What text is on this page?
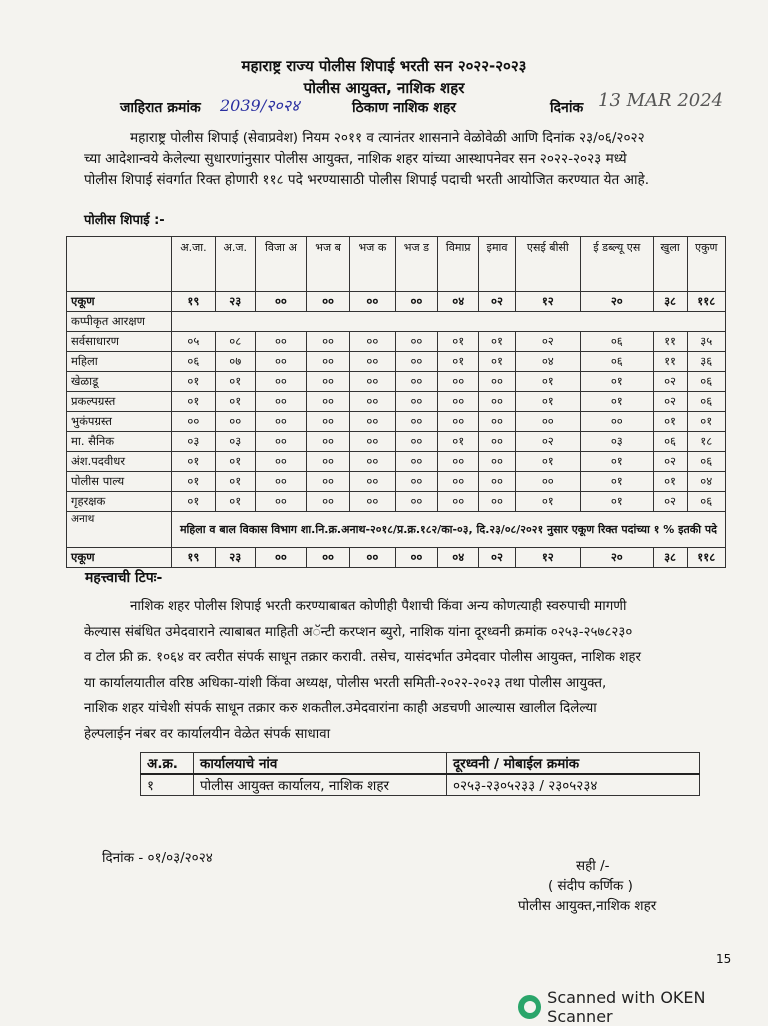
महाराष्ट्र राज्य पोलीस शिपाई भरती सन २०२२-२०२३
पोलीस आयुक्त, नाशिक शहर
जाहिरात क्रमांक 2039/२०२४	ठिकाण नाशिक शहर	दिनांक 13 MAR 2024
महाराष्ट्र पोलीस शिपाई (सेवाप्रवेश) नियम २०११ व त्यानंतर शासनाने वेळोवेळी आणि दिनांक २३/०६/२०२२
च्या आदेशान्वये केलेल्या सुधारणांनुसार पोलीस आयुक्त, नाशिक शहर यांच्या आस्थापनेवर सन २०२२-२०२३ मध्ये
पोलीस शिपाई संवर्गात रिक्त होणारी ११८ पदे भरण्यासाठी पोलीस शिपाई पदाची भरती आयोजित करण्यात येत आहे.
पोलीस शिपाई :-
	अ.जा.	अ.ज.	विजा अ	भज ब	भज क	भज ड	विमाप्र	इमाव	एसई बीसी	ई डब्ल्यू एस	खुला	एकुण
एकूण	१९	२३	००	००	००	००	०४	०२	१२	२०	३८	११८
कप्पीकृत आरक्षण												
सर्वसाधारण	०५	०८	००	००	००	००	०१	०१	०२	०६	११	३५
महिला	०६	०७	००	००	००	००	०१	०१	०४	०६	११	३६
खेळाडू	०१	०१	००	००	००	००	००	००	०१	०१	०२	०६
प्रकल्पग्रस्त	०१	०१	००	००	००	००	००	००	०१	०१	०२	०६
भुकंपग्रस्त	००	००	००	००	००	००	००	००	००	००	०१	०१
मा. सैनिक	०३	०३	००	००	००	००	०१	००	०२	०३	०६	१८
अंश.पदवीधर	०१	०१	००	००	००	००	००	००	०१	०१	०२	०६
पोलीस पाल्य	०१	०१	००	००	००	००	००	००	००	०१	०१	०४
गृहरक्षक	०१	०१	००	००	००	००	००	००	०१	०१	०२	०६
अनाथ	महिला व बाल विकास विभाग शा.नि.क्र.अनाथ-२०१८/प्र.क्र.१८२/का-०३, दि.२३/०८/२०२१ नुसार एकूण रिक्त पदांच्या १ % इतकी पदे											
एकूण	१९	२३	००	००	००	००	०४	०२	१२	२०	३८	११८
महत्त्वाची टिपः-
नाशिक शहर पोलीस शिपाई भरती करण्याबाबत कोणीही पैशाची किंवा अन्य कोणत्याही स्वरुपाची मागणी
केल्यास संबंधित उमेदवाराने त्याबाबत माहिती अॅन्टी करप्शन ब्युरो, नाशिक यांना दूरध्वनी क्रमांक ०२५३-२५७८२३०
व टोल फ्री क्र. १०६४ वर त्वरीत संपर्क साधून तक्रार करावी. तसेच, यासंदर्भात उमेदवार पोलीस आयुक्त, नाशिक शहर
या कार्यालयातील वरिष्ठ अधिका-यांशी किंवा अध्यक्ष, पोलीस भरती समिती-२०२२-२०२३ तथा पोलीस आयुक्त,
नाशिक शहर यांचेशी संपर्क साधून तक्रार करु शकतील.उमेदवारांना काही अडचणी आल्यास खालील दिलेल्या
हेल्पलाईन नंबर वर कार्यालयीन वेळेत संपर्क साधावा
अ.क्र.	कार्यालयाचे नांव	दूरध्वनी / मोबाईल क्रमांक
१	पोलीस आयुक्त कार्यालय, नाशिक शहर	०२५३-२३०५२३३ / २३०५२३४
दिनांक - ०१/०३/२०२४	सही /-
( संदीप कर्णिक )
पोलीस आयुक्त,नाशिक शहर
15
Scanned with OKEN Scanner
